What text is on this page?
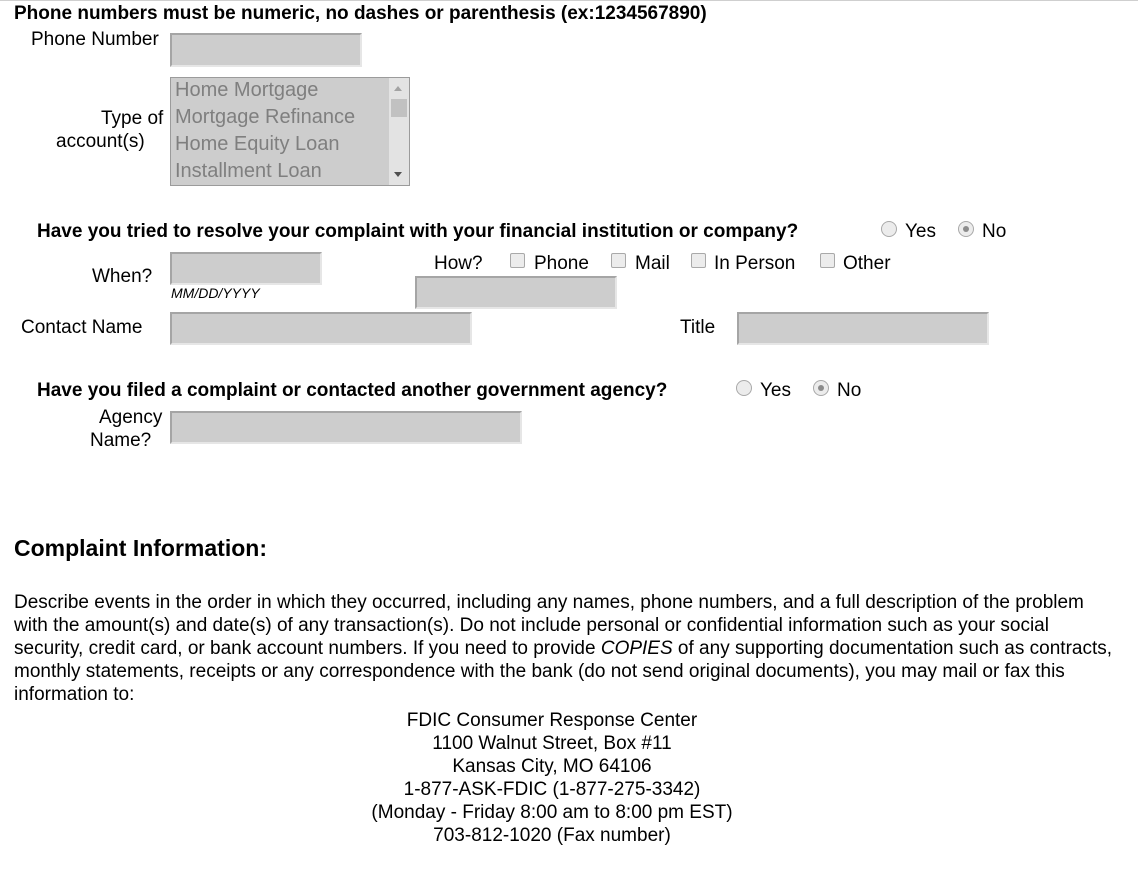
Phone numbers must be numeric, no dashes or parenthesis (ex:1234567890)
Phone Number
Type of
account(s)
Home Mortgage
Mortgage Refinance
Home Equity Loan
Installment Loan
Have you tried to resolve your complaint with your financial institution or company?	Yes No
When?
MM/DD/YYYY
How?	Phone Mail In Person	Other
Contact Name	Title
Have you filed a complaint or contacted another government agency?	Yes No
Agency
Name?
Complaint Information:
Describe events in the order in which they occurred, including any names, phone numbers, and a full description of the problem with the amount(s) and date(s) of any transaction(s). Do not include personal or confidential information such as your social security, credit card, or bank account numbers. If you need to provide COPIES of any supporting documentation such as contracts, monthly statements, receipts or any correspondence with the bank (do not send original documents), you may mail or fax this information to:
FDIC Consumer Response Center
1100 Walnut Street, Box #11
Kansas City, MO 64106
1-877-ASK-FDIC (1-877-275-3342)
(Monday - Friday 8:00 am to 8:00 pm EST)
703-812-1020 (Fax number)
